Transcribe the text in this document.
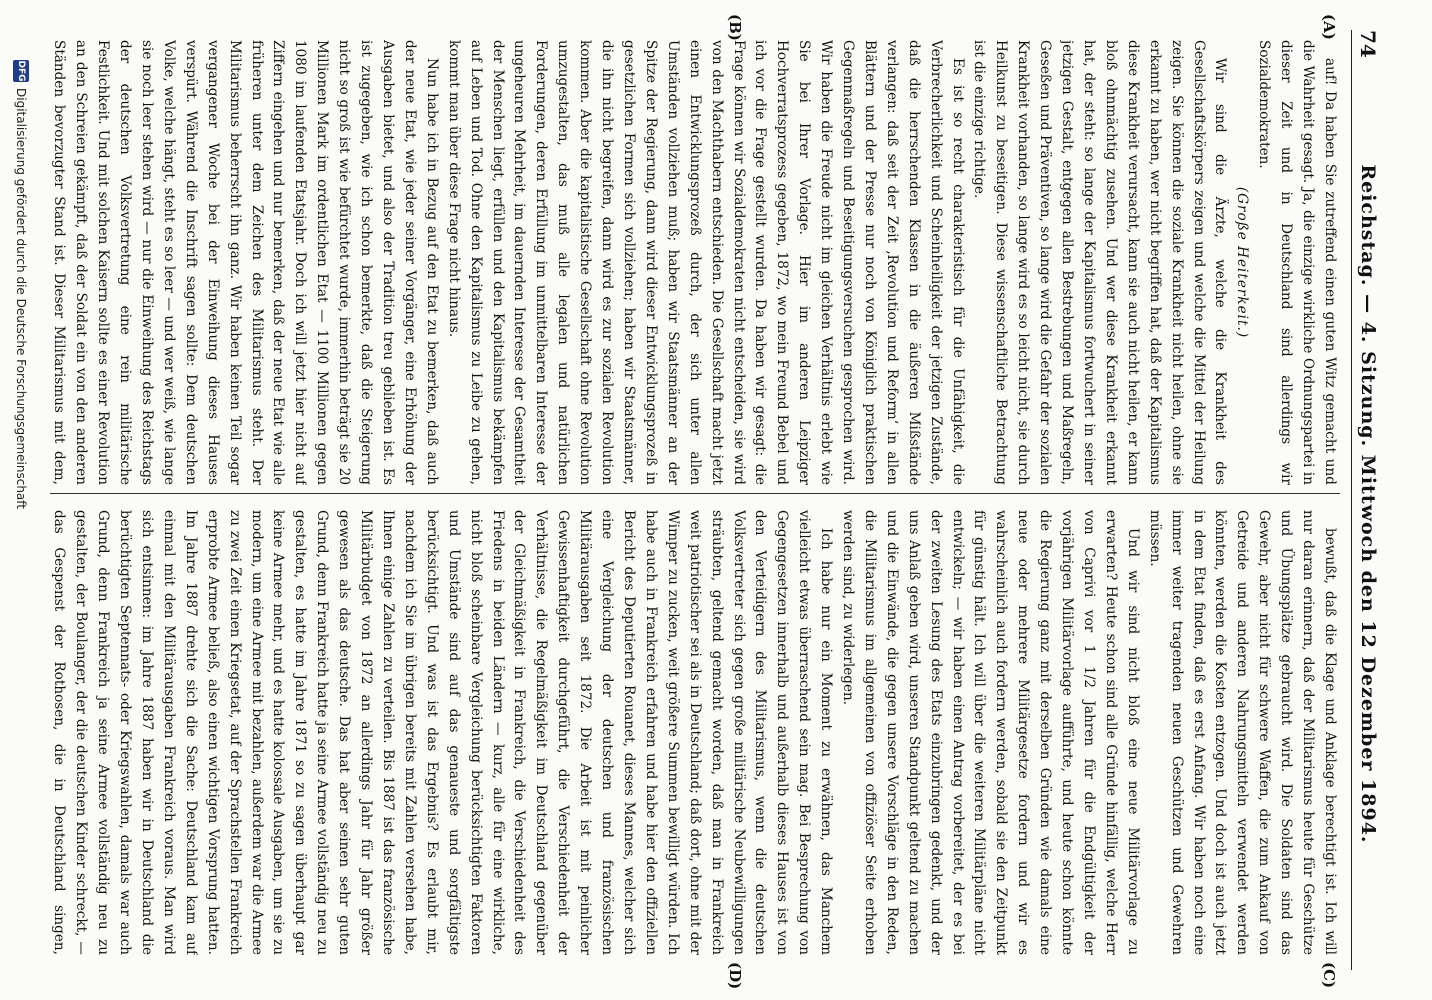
74
Reichstag. — 4. Sitzung. Mittwoch den 12 Dezember 1894.
(A)
(B)
(C)
(D)

auf! Da haben Sie zutreffend einen guten Witz gemacht und die Wahrheit gesagt. Ja, die einzige wirkliche Ordnungspartei in dieser Zeit und in Deutschland sind allerdings wir Sozialdemokraten.

(Große Heiterkeit.)

Wir sind die Ärzte, welche die Krankheit des Gesellschaftskörpers zeigen und welche die Mittel der Heilung zeigen. Sie können die soziale Krankheit nicht heilen, ohne sie erkannt zu haben, wer nicht begriffen hat, daß der Kapitalismus diese Krankheit verursacht, kann sie auch nicht heilen, er kann bloß ohnmächtig zusehen. Und wer diese Krankheit erkannt hat, der steht: so lange der Kapitalismus fortwuchert in seiner jetzigen Gestalt, entgegen allen Bestrebungen und Maßregeln, Geseßen und Präventiven, so lange wird die Gefahr der sozialen Krankheit vorhanden, so lange wird es so leicht nicht, sie durch Heilkunst zu beseitigen. Diese wissenschaftliche Betrachtung ist die einzige richtige.

Es ist so recht charakteristisch für die Unfähigkeit, die Verbrecherlichkeit und Scheinheiligkeit der jetzigen Zustände, daß die herrschenden Klassen in die äußeren Mißstände verlangen: daß seit der Zeit ‚Revolution und Reform‘ in allen Blättern und der Presse nur noch von Königlich praktischen Gegenmaßregeln und Beseitigungsversuchen gesprochen wird. Wir haben die Freude nicht im gleichen Verhältnis erlebt wie Sie bei Ihrer Vorlage. Hier im anderen Leipziger Hochverratsprozess gegeben, 1872, wo mein Freund Bebel und ich vor die Frage gestellt wurden. Da haben wir gesagt: die Frage können wir Sozialdemokraten nicht entscheiden, sie wird von den Machthabern entschieden. Die Gesellschaft macht jetzt einen Entwicklungsprozeß durch, der sich unter allen Umständen vollziehen muß; haben wir Staatsmänner an der Spitze der Regierung, dann wird dieser Entwicklungsprozeß in gesetzlichen Formen sich vollziehen; haben wir Staatsmänner, die ihn nicht begreifen, dann wird es zur sozialen Revolution kommen. Aber die kapitalistische Gesellschaft ohne Revolution umzugestalten, das muß alle legalen und natürlichen Forderungen, deren Erfüllung im unmittelbaren Interesse der ungeheuren Mehrheit, im dauernden Interesse der Gesamtheit der Menschen liegt, erfüllen und den Kapitalismus bekämpfen auf Leben und Tod. Ohne den Kapitalismus zu Leibe zu gehen, kommt man über diese Frage nicht hinaus.

Nun habe ich in Bezug auf den Etat zu bemerken, daß auch der neue Etat, wie jeder seiner Vorgänger, eine Erhöhung der Ausgaben bietet, und also der Tradition treu geblieben ist. Es ist zugegeben, wie ich schon bemerkte, daß die Steigerung nicht so groß ist wie befürchtet wurde, immerhin beträgt sie 20 Millionen Mark im ordentlichen Etat — 1100 Millionen gegen 1080 im laufenden Etatsjahr. Doch ich will jetzt hier nicht auf Ziffern eingehen und nur bemerken, daß der neue Etat wie alle früheren unter dem Zeichen des Militarismus steht. Der Militarismus beherrscht ihn ganz. Wir haben keinen Teil sogar vergangener Woche bei der Einweihung dieses Hauses verspürt. Während die Inschrift sagen sollte: Dem deutschen Volke, welche hängt, steht es so leer — und wer weiß, wie lange sie noch leer stehen wird — nur die Einweihung des Reichstags der deutschen Volksvertretung eine rein militärische Festlichkeit. Und mit solchen Kaisern sollte es einer Revolution an den Schreien gekämpft, daß der Soldat ein von den anderen Ständen bevorzugter Stand ist. Dieser Militarismus mit dem,

bewußt, daß die Klage und Anklage berechtigt ist. Ich will nur daran erinnern, daß der Militarismus heute für Geschütze und Übungsplätze gebraucht wird. Die Soldaten sind das Gewehr, aber nicht für schwere Waffen, die zum Ankauf von Getreide und anderen Nahrungsmitteln verwendet werden könnten, werden die Kosten entzogen. Und doch ist auch jetzt in dem Etat finden, daß es erst Anfang. Wir haben noch eine immer weiter tragenden neuen Geschützen und Gewehren müssen.

Und wir sind nicht bloß eine neue Militärvorlage zu erwarten? Heute schon sind alle Gründe hinfällig, welche Herr von Caprivi vor 1 1/2 Jahren für die Endgültigkeit der vorjährigen Militärvorlage aufführte, und heute schon könnte die Regierung ganz mit derselben Gründen wie damals eine neue oder mehrere Militärgesetze fordern und wir es wahrscheinlich auch fordern werden, sobald sie den Zeitpunkt für günstig hält. Ich will über die weiteren Militärpläne nicht entwickeln; — wir haben einen Antrag vorbereitet, der es bei der zweiten Lesung des Etats einzubringen gedenkt, und der uns Anlaß geben wird, unseren Standpunkt geltend zu machen und die Einwände, die gegen unsere Vorschläge in den Reden, die Militarismus im allgemeinen von offiziöser Seite erhoben werden sind, zu widerlegen.

Ich habe nur ein Moment zu erwähnen, das Manchem vielleicht etwas überraschend sein mag. Bei Besprechung von Gegengesetzen innerhalb und außerhalb dieses Hauses ist von den Verteidigern des Militarismus, wenn die deutschen Volksvertreter sich gegen große militärische Neubewilligungen sträubten, geltend gemacht worden, daß man in Frankreich weit patriotischer sei als in Deutschland; daß dort, ohne mit der Wimper zu zucken, weit größere Summen bewilligt würden. Ich habe auch in Frankreich erfahren und habe hier den offiziellen Bericht des Deputierten Rouanet, dieses Mannes, welcher sich eine Vergleichung der deutschen und französischen Militärausgaben seit 1872. Die Arbeit ist mit peinlicher Gewissenhaftigkeit durchgeführt, die Verschiedenheit der Verhältnisse, die Regelmäßigkeit im Deutschland gegenüber der Gleichmäßigkeit in Frankreich, die Verschiedenheit des Friedens in beiden Ländern — kurz, alle für eine wirkliche, nicht bloß scheinbare Vergleichung berücksichtigten Faktoren und Umstände sind auf das genaueste und sorgfältigste berücksichtigt. Und was ist das Ergebnis? Es erlaubt mir, nachdem ich Sie im übrigen bereits mit Zahlen versehen habe, Ihnen einige Zahlen zu verteilen. Bis 1887 ist das französische Militärbudget von 1872 an allerdings Jahr für Jahr größer gewesen als das deutsche. Das hat aber seinen sehr guten Grund, denn Frankreich hatte ja seine Armee vollständig neu zu gestalten, es hatte im Jahre 1871 so zu sagen überhaupt gar keine Armee mehr, und es hatte kolossale Ausgaben, um sie zu modern, um eine Armee mit bezahlen, außerdem war die Armee zu zwei Zeit einen Kriegsetat, auf der Sprachstellen Frankreich erprobte Armee beließ, also einen wichtigen Vorsprung hatten. Im Jahre 1887 drehte sich die Sache: Deutschland kam auf einmal mit den Militärausgaben Frankreich voraus. Man wird sich entsinnen: im Jahre 1887 haben wir in Deutschland die berüchtigten Septennats- oder Kriegswahlen, damals war auch Grund, denn Frankreich ja seine Armee vollständig neu zu gestalten, der Boulanger, der die deutschen Kinder schreckt, — das Gespenst der Rothosen, die in Deutschland singen,

DFG
Digitalisierung gefördert durch die Deutsche Forschungsgemeinschaft
